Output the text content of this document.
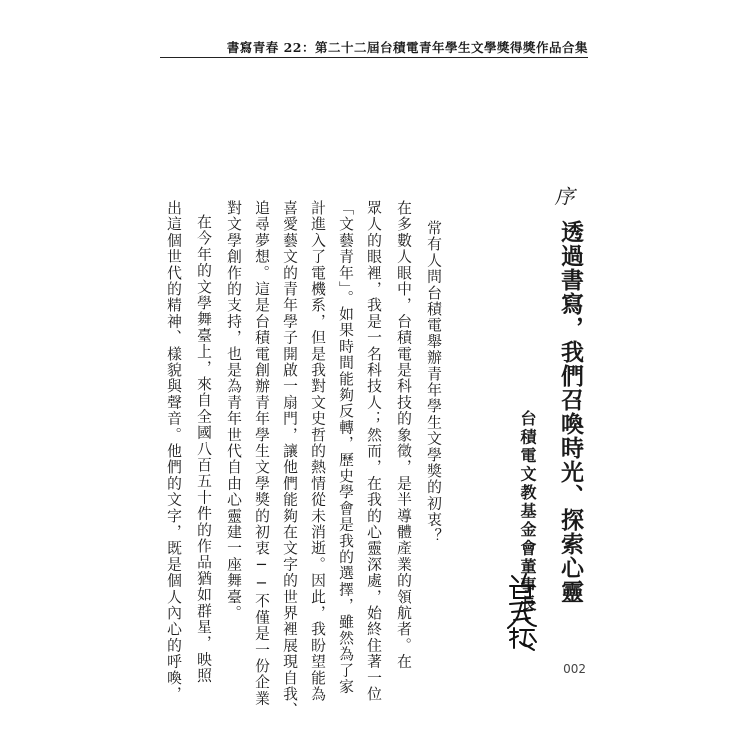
書寫青春 22：第二十二屆台積電青年學生文學獎得獎作品合集
序
透過書寫，我們召喚時光、探索心靈
台積電文教基金會董事長
常有人問台積電舉辦青年學生文學獎的初衷？
在多數人眼中，台積電是科技的象徵，是半導體產業的領航者。在
眾人的眼裡，我是一名科技人；然而，在我的心靈深處，始終住著一位
「文藝青年」。如果時間能夠反轉，歷史學會是我的選擇，雖然為了家
計進入了電機系，但是我對文史哲的熱情從未消逝。因此，我盼望能為
喜愛藝文的青年學子開啟一扇門，讓他們能夠在文字的世界裡展現自我、
追尋夢想。這是台積電創辦青年學生文學獎的初衷──不僅是一份企業
對文學創作的支持，也是為青年世代自由心靈建一座舞臺。
在今年的文學舞臺上，來自全國八百五十件的作品猶如群星，映照
出這個世代的精神、樣貌與聲音。他們的文字，既是個人內心的呼喚，	002
